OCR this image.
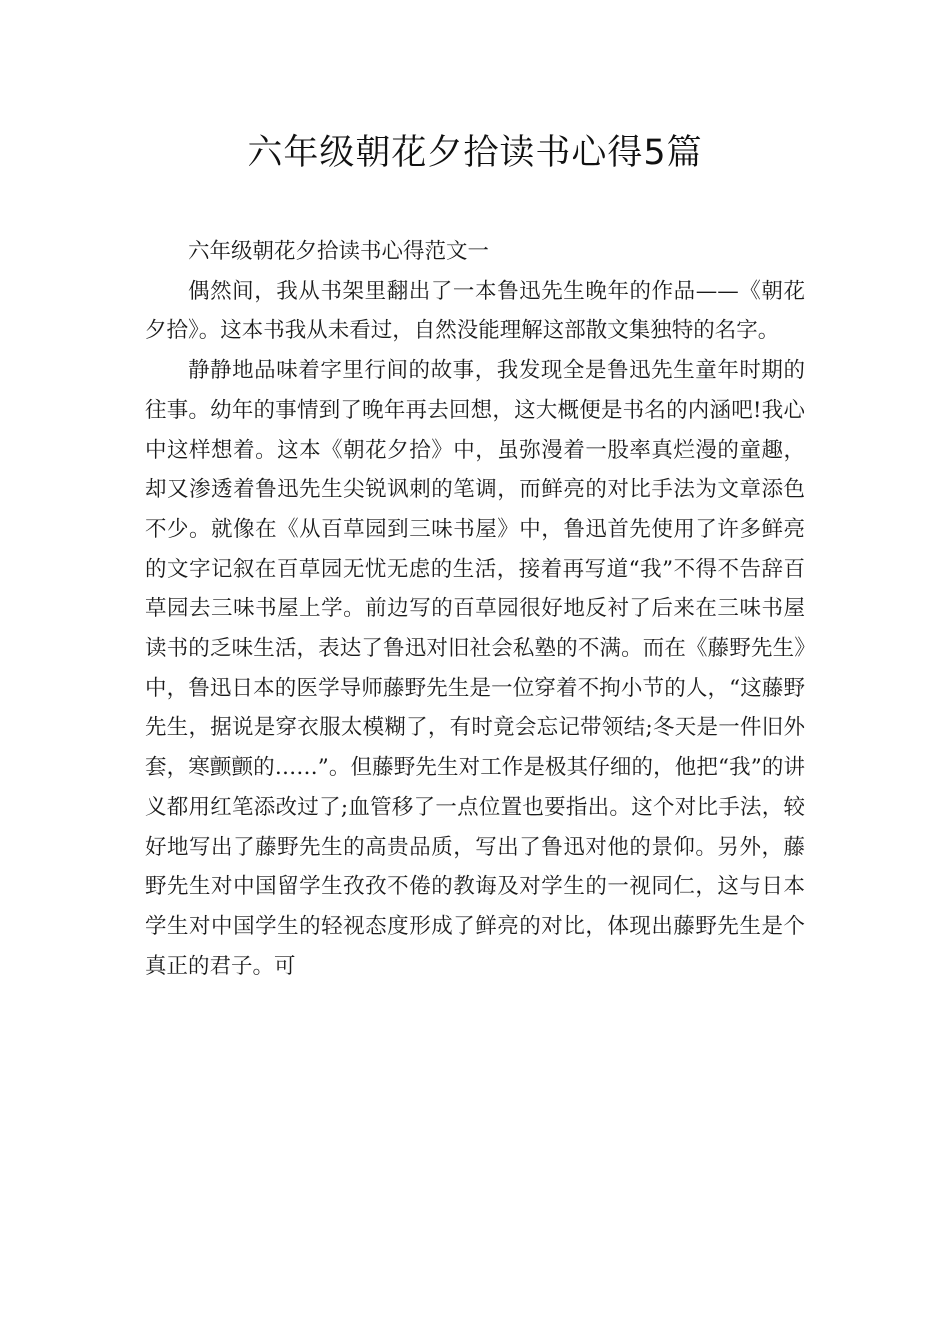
六年级朝花夕拾读书心得5篇

六年级朝花夕拾读书心得范文一

偶然间，我从书架里翻出了一本鲁迅先生晚年的作品——《朝花夕拾》。这本书我从未看过，自然没能理解这部散文集独特的名字。

静静地品味着字里行间的故事，我发现全是鲁迅先生童年时期的往事。幼年的事情到了晚年再去回想，这大概便是书名的内涵吧!我心中这样想着。这本《朝花夕拾》中，虽弥漫着一股率真烂漫的童趣，却又渗透着鲁迅先生尖锐讽刺的笔调，而鲜亮的对比手法为文章添色不少。就像在《从百草园到三味书屋》中，鲁迅首先使用了许多鲜亮的文字记叙在百草园无忧无虑的生活，接着再写道“我”不得不告辞百草园去三味书屋上学。前边写的百草园很好地反衬了后来在三味书屋读书的乏味生活，表达了鲁迅对旧社会私塾的不满。而在《藤野先生》中，鲁迅日本的医学导师藤野先生是一位穿着不拘小节的人，“这藤野先生，据说是穿衣服太模糊了，有时竟会忘记带领结;冬天是一件旧外套，寒颤颤的……”。但藤野先生对工作是极其仔细的，他把“我”的讲义都用红笔添改过了;血管移了一点位置也要指出。这个对比手法，较好地写出了藤野先生的高贵品质，写出了鲁迅对他的景仰。另外，藤野先生对中国留学生孜孜不倦的教诲及对学生的一视同仁，这与日本学生对中国学生的轻视态度形成了鲜亮的对比，体现出藤野先生是个真正的君子。可
